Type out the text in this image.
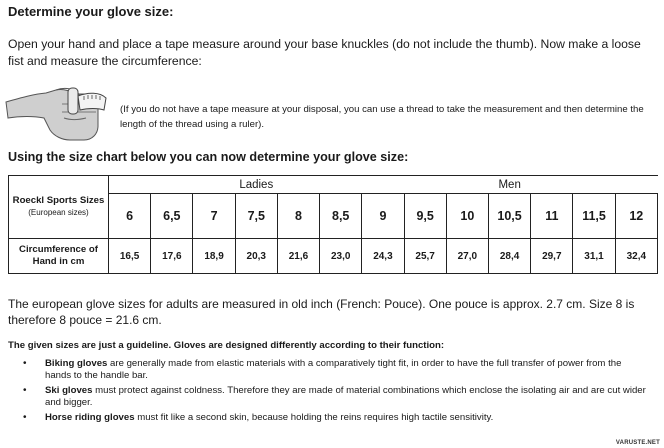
Determine your glove size:
Open your hand and place a tape measure around your base knuckles (do not include the thumb). Now make a loose fist and measure the circumference:
(If you do not have a tape measure at your disposal, you can use a thread to take the measurement and then determine the length of the thread using a ruler).
Using the size chart below you can now determine your glove size:
Roeckl Sports Sizes
(European sizes)		Ladies					Men						
	6	6,5	7	7,5	8	8,5	9	9,5	10	10,5	11	11,5	12
Circumference of Hand in cm	16,5	17,6	18,9	20,3	21,6	23,0	24,3	25,7	27,0	28,4	29,7	31,1	32,4
The european glove sizes for adults are measured in old inch (French: Pouce). One pouce is approx. 2.7 cm. Size 8 is therefore 8 pouce = 21.6 cm.
The given sizes are just a guideline. Gloves are designed differently according to their function:
• Biking gloves are generally made from elastic materials with a comparatively tight fit, in order to have the full transfer of power from the hands to the handle bar.
• Ski gloves must protect against coldness. Therefore they are made of material combinations which enclose the isolating air and are cut wider and bigger.
• Horse riding gloves must fit like a second skin, because holding the reins requires high tactile sensitivity.
VARUSTE.NET
